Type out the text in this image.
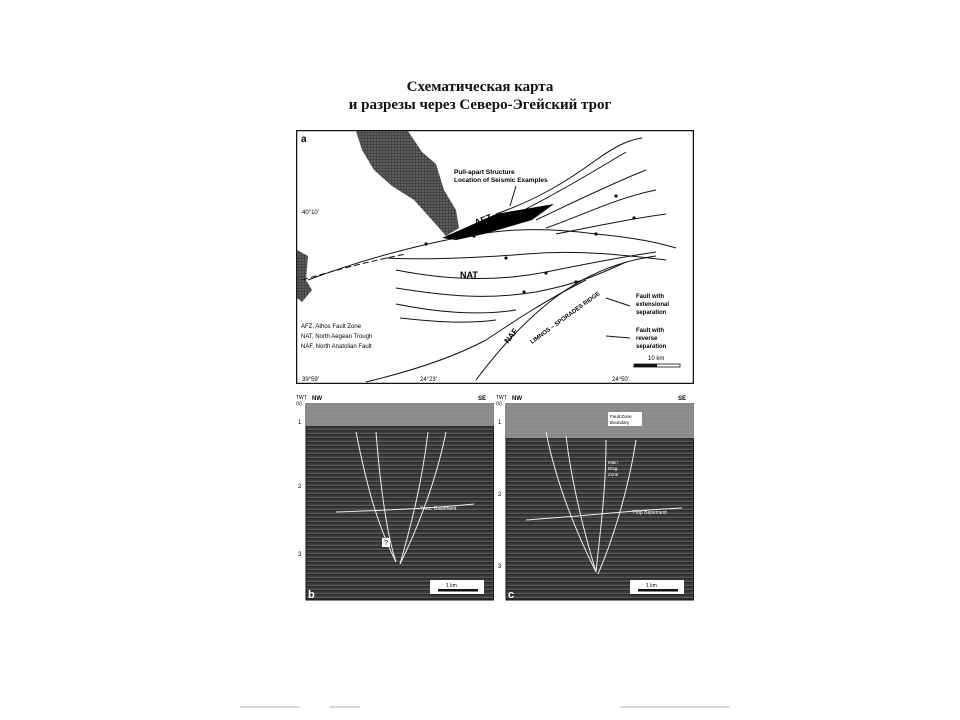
Схематическая карта
и разрезы через Северо-Эгейский трог
Pull-apart Structure
Location of Seismic Examples
a
AFZ
NAT
NAF LIMNOS – SPORADES RIDGE
AFZ, Athos Fault Zone
NAT, North Aegean Trough
NAF, North Anatolian Fault
Fault with
extensional
separation
Fault with
reverse
separation
10 km
40°10'
39°59'	24°23'	24°50'
TWT
(s)
NW	SE
1
2
3
?Acc. Basement
?
b
1 km
TWT
(s)
NW	SE
1
2
3
Fault Zone
Boundary
Main
Diag.
Zone
?Top Basement
c
1 km
